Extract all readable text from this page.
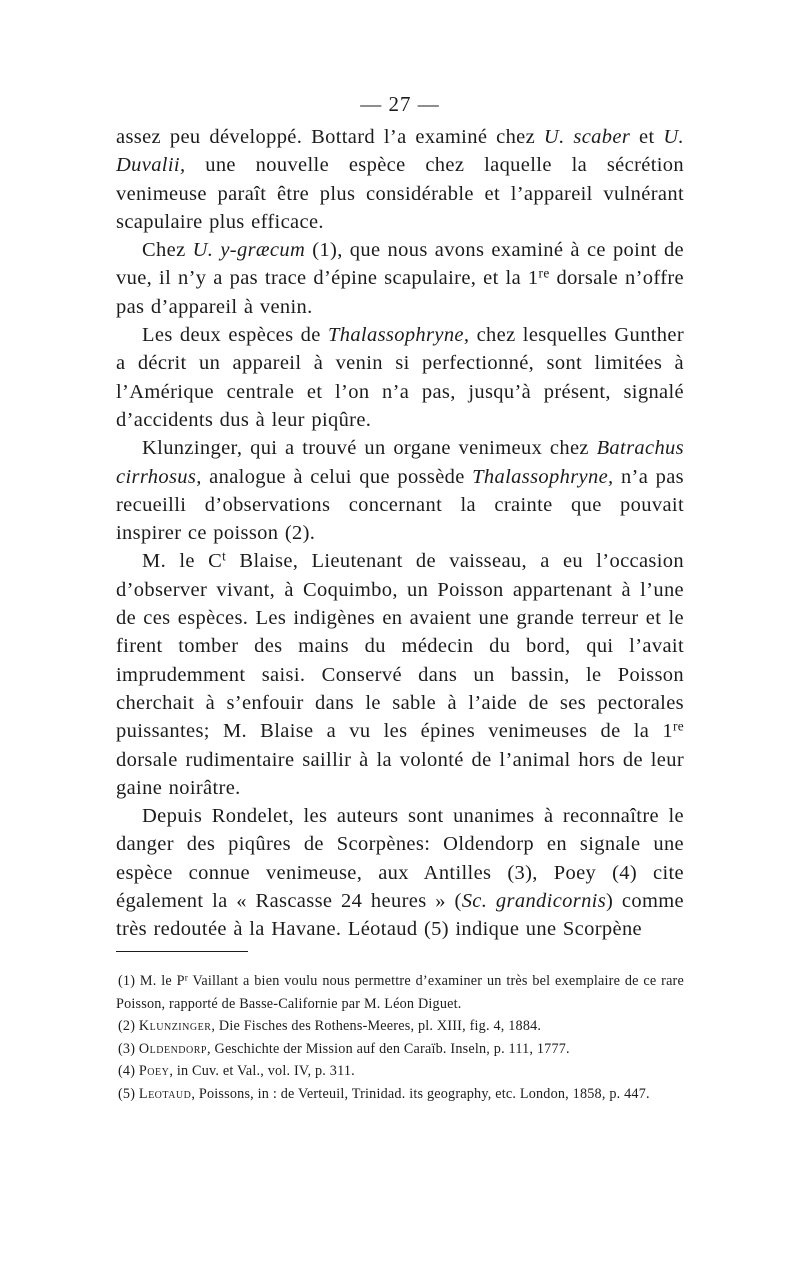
— 27 —

assez peu développé. Bottard l’a examiné chez U. scaber et U. Duvalii, une nouvelle espèce chez laquelle la sécrétion venimeuse paraît être plus considérable et l’appareil vulnérant scapulaire plus efficace.

Chez U. y-græcum (1), que nous avons examiné à ce point de vue, il n’y a pas trace d’épine scapulaire, et la 1re dorsale n’offre pas d’appareil à venin.

Les deux espèces de Thalassophryne, chez lesquelles Gunther a décrit un appareil à venin si perfectionné, sont limitées à l’Amérique centrale et l’on n’a pas, jusqu’à présent, signalé d’accidents dus à leur piqûre.

Klunzinger, qui a trouvé un organe venimeux chez Batrachus cirrhosus, analogue à celui que possède Thalassophryne, n’a pas recueilli d’observations concernant la crainte que pouvait inspirer ce poisson (2).

M. le $C^t$ Blaise, Lieutenant de vaisseau, a eu l’occasion d’observer vivant, à Coquimbo, un Poisson appartenant à l’une de ces espèces. Les indigènes en avaient une grande terreur et le firent tomber des mains du médecin du bord, qui l’avait imprudemment saisi. Conservé dans un bassin, le Poisson cherchait à s’enfouir dans le sable à l’aide de ses pectorales puissantes; M. Blaise a vu les épines venimeuses de la 1re dorsale rudimentaire saillir à la volonté de l’animal hors de leur gaine noirâtre.

Depuis Rondelet, les auteurs sont unanimes à reconnaître le danger des piqûres de Scorpènes: Oldendorp en signale une espèce connue venimeuse, aux Antilles (3), Poey (4) cite également la « Rascasse 24 heures » (Sc. grandicornis) comme très redoutée à la Havane. Léotaud (5) indique une Scorpène

(1) M. le $P^r$ Vaillant a bien voulu nous permettre d’examiner un très bel exemplaire de ce rare Poisson, rapporté de Basse-Californie par M. Léon Diguet.

(2) Klunzinger, Die Fisches des Rothens-Meeres, pl. XIII, fig. 4, 1884.

(3) Oldendorp, Geschichte der Mission auf den Caraïb. Inseln, p. 111, 1777.

(4) Poey, in Cuv. et Val., vol. IV, p. 311.

(5) Leotaud, Poissons, in : de Verteuil, Trinidad. its geography, etc. London, 1858, p. 447.
